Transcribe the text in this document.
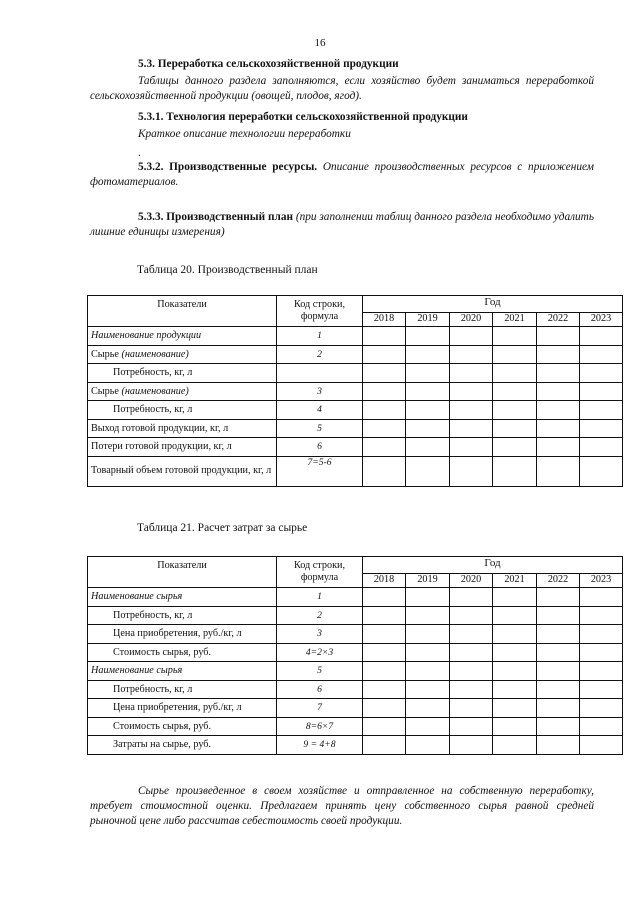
16
5.3. Переработка сельскохозяйственной продукции
Таблицы данного раздела заполняются, если хозяйство будет заниматься переработкой сельскохозяйственной продукции (овощей, плодов, ягод).
5.3.1. Технология переработки сельскохозяйственной продукции
Краткое описание технологии переработки
.
5.3.2. Производственные ресурсы. Описание производственных ресурсов с приложением фотоматериалов.
5.3.3. Производственный план (при заполнении таблиц данного раздела необходимо удалить лишние единицы измерения)
Таблица 20. Производственный план
Показатели	Код строки, формула	Год					
		2018	2019	2020	2021	2022	2023
Наименование продукции	1						
Сырье (наименование)	2						
Потребность, кг, л							
Сырье (наименование)	3						
Потребность, кг, л	4						
Выход готовой продукции, кг, л	5						
Потери готовой продукции, кг, л	6						
Товарный объем готовой продукции, кг, л	7=5-6						
Таблица 21. Расчет затрат за сырье
Показатели	Код строки, формула	Год					
		2018	2019	2020	2021	2022	2023
Наименование сырья	1						
Потребность, кг, л	2						
Цена приобретения, руб./кг, л	3						
Стоимость сырья, руб.	4=2×3						
Наименование сырья	5						
Потребность, кг, л	6						
Цена приобретения, руб./кг, л	7						
Стоимость сырья, руб.	8=6×7						
Затраты на сырье, руб.	9 = 4+8						
Сырье произведенное в своем хозяйстве и отправленное на собственную переработку, требует стоимостной оценки. Предлагаем принять цену собственного сырья равной средней рыночной цене либо рассчитав себестоимость своей продукции.
